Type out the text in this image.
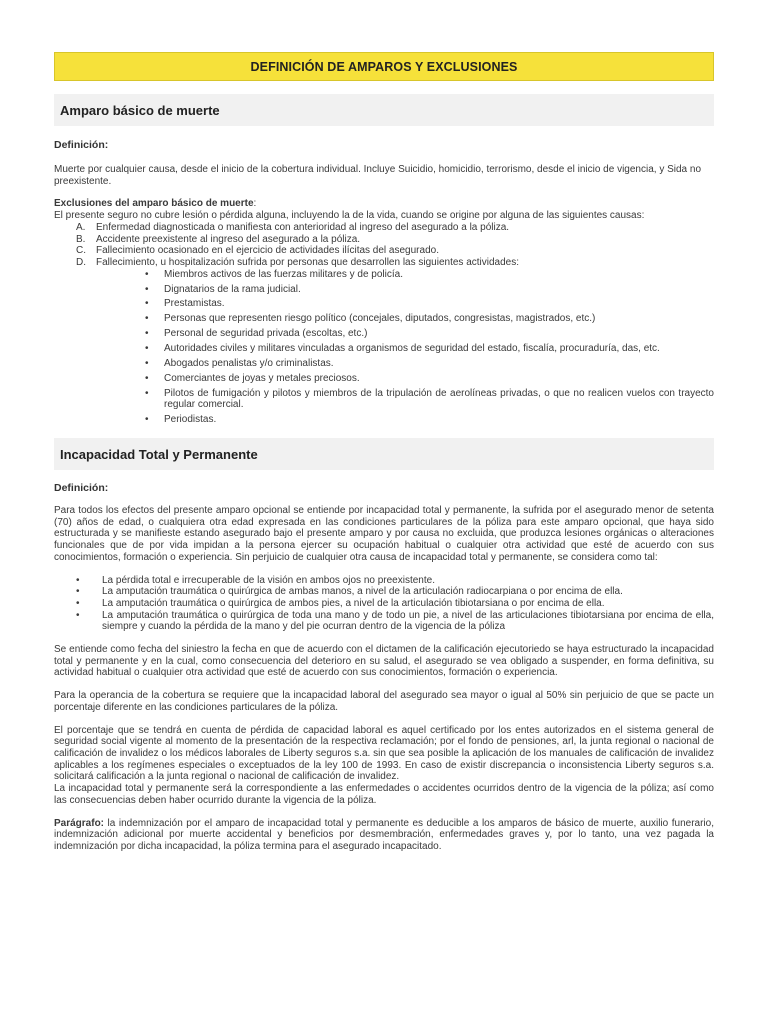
DEFINICIÓN DE AMPAROS Y EXCLUSIONES
Amparo básico de muerte
Definición:

Muerte por cualquier causa, desde el inicio de la cobertura individual. Incluye Suicidio, homicidio, terrorismo, desde el inicio de vigencia, y Sida no preexistente.

Exclusiones del amparo básico de muerte:

El presente seguro no cubre lesión o pérdida alguna, incluyendo la de la vida, cuando se origine por alguna de las siguientes causas:

A. Enfermedad diagnosticada o manifiesta con anterioridad al ingreso del asegurado a la póliza.
B. Accidente preexistente al ingreso del asegurado a la póliza.
C. Fallecimiento ocasionado en el ejercicio de actividades ilícitas del asegurado.
D. Fallecimiento, u hospitalización sufrida por personas que desarrollen las siguientes actividades:
• Miembros activos de las fuerzas militares y de policía.
• Dignatarios de la rama judicial.
• Prestamistas.
• Personas que representen riesgo político (concejales, diputados, congresistas, magistrados, etc.)
• Personal de seguridad privada (escoltas, etc.)
• Autoridades civiles y militares vinculadas a organismos de seguridad del estado, fiscalía, procuraduría, das, etc.
• Abogados penalistas y/o criminalistas.
• Comerciantes de joyas y metales preciosos.
• Pilotos de fumigación y pilotos y miembros de la tripulación de aerolíneas privadas, o que no realicen vuelos con trayecto regular comercial.
• Periodistas.
Incapacidad Total y Permanente
Definición:

Para todos los efectos del presente amparo opcional se entiende por incapacidad total y permanente, la sufrida por el asegurado menor de setenta (70) años de edad, o cualquiera otra edad expresada en las condiciones particulares de la póliza para este amparo opcional, que haya sido estructurada y se manifieste estando asegurado bajo el presente amparo y por causa no excluida, que produzca lesiones orgánicas o alteraciones funcionales que de por vida impidan a la persona ejercer su ocupación habitual o cualquier otra actividad que esté de acuerdo con sus conocimientos, formación o experiencia. Sin perjuicio de cualquier otra causa de incapacidad total y permanente, se considera como tal:

• La pérdida total e irrecuperable de la visión en ambos ojos no preexistente.
• La amputación traumática o quirúrgica de ambas manos, a nivel de la articulación radiocarpiana o por encima de ella.
• La amputación traumática o quirúrgica de ambos pies, a nivel de la articulación tibiotarsiana o por encima de ella.
• La amputación traumática o quirúrgica de toda una mano y de todo un pie, a nivel de las articulaciones tibiotarsiana por encima de ella, siempre y cuando la pérdida de la mano y del pie ocurran dentro de la vigencia de la póliza

Se entiende como fecha del siniestro la fecha en que de acuerdo con el dictamen de la calificación ejecutoriedo se haya estructurado la incapacidad total y permanente y en la cual, como consecuencia del deterioro en su salud, el asegurado se vea obligado a suspender, en forma definitiva, su actividad habitual o cualquier otra actividad que esté de acuerdo con sus conocimientos, formación o experiencia.

Para la operancia de la cobertura se requiere que la incapacidad laboral del asegurado sea mayor o igual al 50% sin perjuicio de que se pacte un porcentaje diferente en las condiciones particulares de la póliza.

El porcentaje que se tendrá en cuenta de pérdida de capacidad laboral es aquel certificado por los entes autorizados en el sistema general de seguridad social vigente al momento de la presentación de la respectiva reclamación; por el fondo de pensiones, arl, la junta regional o nacional de calificación de invalidez o los médicos laborales de Liberty seguros s.a. sin que sea posible la aplicación de los manuales de calificación de invalidez aplicables a los regímenes especiales o exceptuados de la ley 100 de 1993. En caso de existir discrepancia o inconsistencia Liberty seguros s.a. solicitará calificación a la junta regional o nacional de calificación de invalidez.

La incapacidad total y permanente será la correspondiente a las enfermedades o accidentes ocurridos dentro de la vigencia de la póliza; así como las consecuencias deben haber ocurrido durante la vigencia de la póliza.

Parágrafo: la indemnización por el amparo de incapacidad total y permanente es deducible a los amparos de básico de muerte, auxilio funerario, indemnización adicional por muerte accidental y beneficios por desmembración, enfermedades graves y, por lo tanto, una vez pagada la indemnización por dicha incapacidad, la póliza termina para el asegurado incapacitado.
